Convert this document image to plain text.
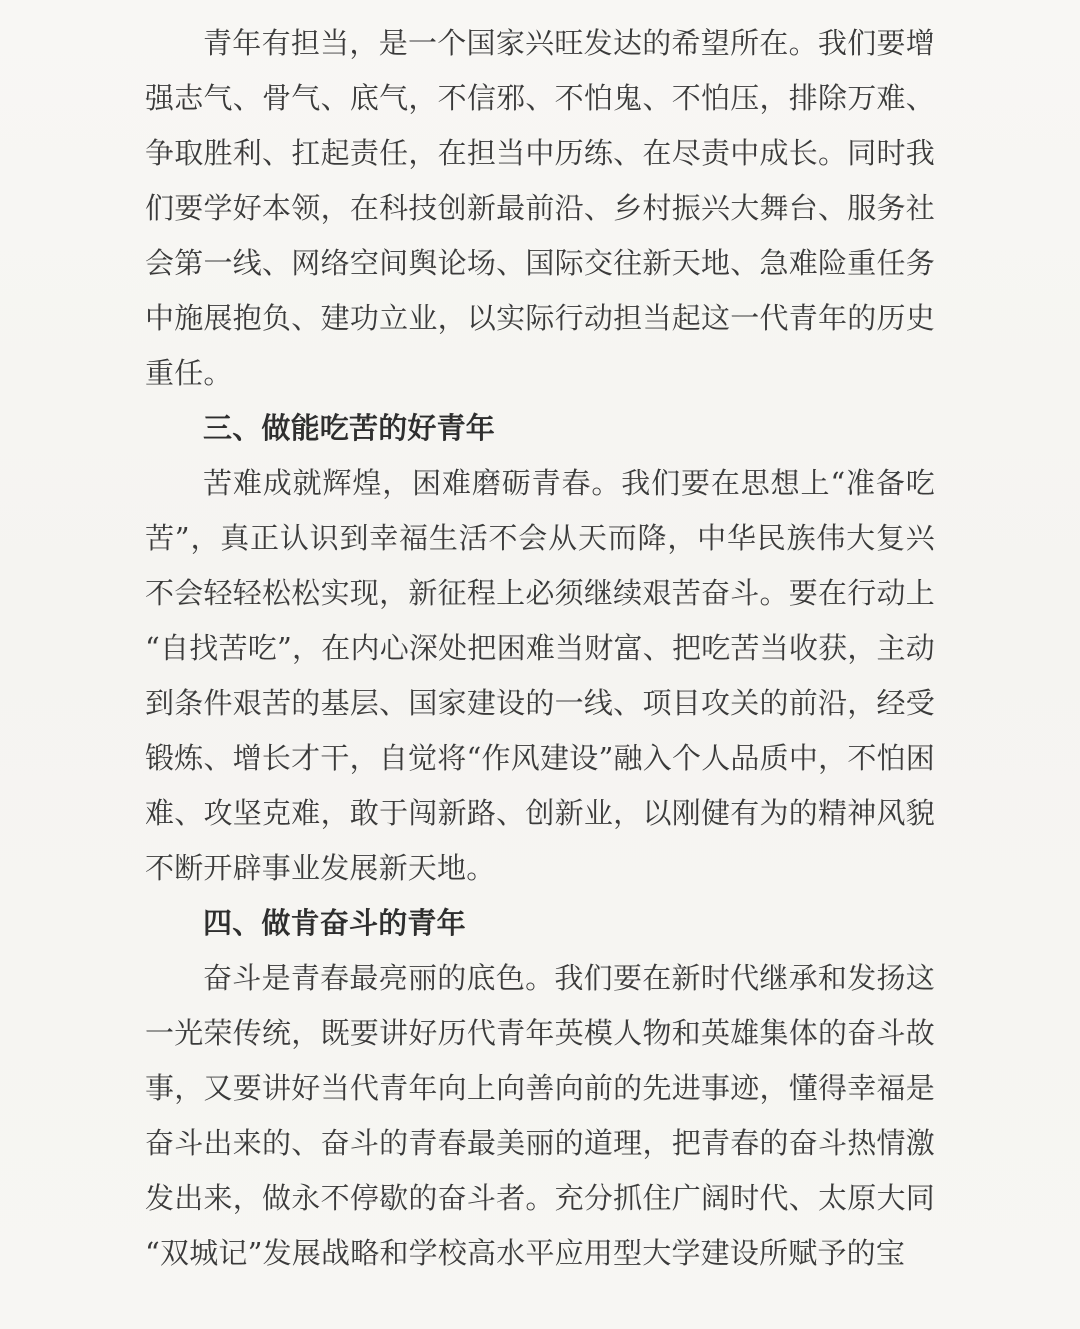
青年有担当，是一个国家兴旺发达的希望所在。我们要增强志气、骨气、底气，不信邪、不怕鬼、不怕压，排除万难、争取胜利、扛起责任，在担当中历练、在尽责中成长。同时我们要学好本领，在科技创新最前沿、乡村振兴大舞台、服务社会第一线、网络空间舆论场、国际交往新天地、急难险重任务中施展抱负、建功立业，以实际行动担当起这一代青年的历史重任。

三、做能吃苦的好青年

苦难成就辉煌，困难磨砺青春。我们要在思想上“准备吃苦”，真正认识到幸福生活不会从天而降，中华民族伟大复兴不会轻轻松松实现，新征程上必须继续艰苦奋斗。要在行动上“自找苦吃”，在内心深处把困难当财富、把吃苦当收获，主动到条件艰苦的基层、国家建设的一线、项目攻关的前沿，经受锻炼、增长才干，自觉将“作风建设”融入个人品质中，不怕困难、攻坚克难，敢于闯新路、创新业，以刚健有为的精神风貌不断开辟事业发展新天地。

四、做肯奋斗的青年

奋斗是青春最亮丽的底色。我们要在新时代继承和发扬这一光荣传统，既要讲好历代青年英模人物和英雄集体的奋斗故事，又要讲好当代青年向上向善向前的先进事迹，懂得幸福是奋斗出来的、奋斗的青春最美丽的道理，把青春的奋斗热情激发出来，做永不停歇的奋斗者。充分抓住广阔时代、太原大同“双城记”发展战略和学校高水平应用型大学建设所赋予的宝
